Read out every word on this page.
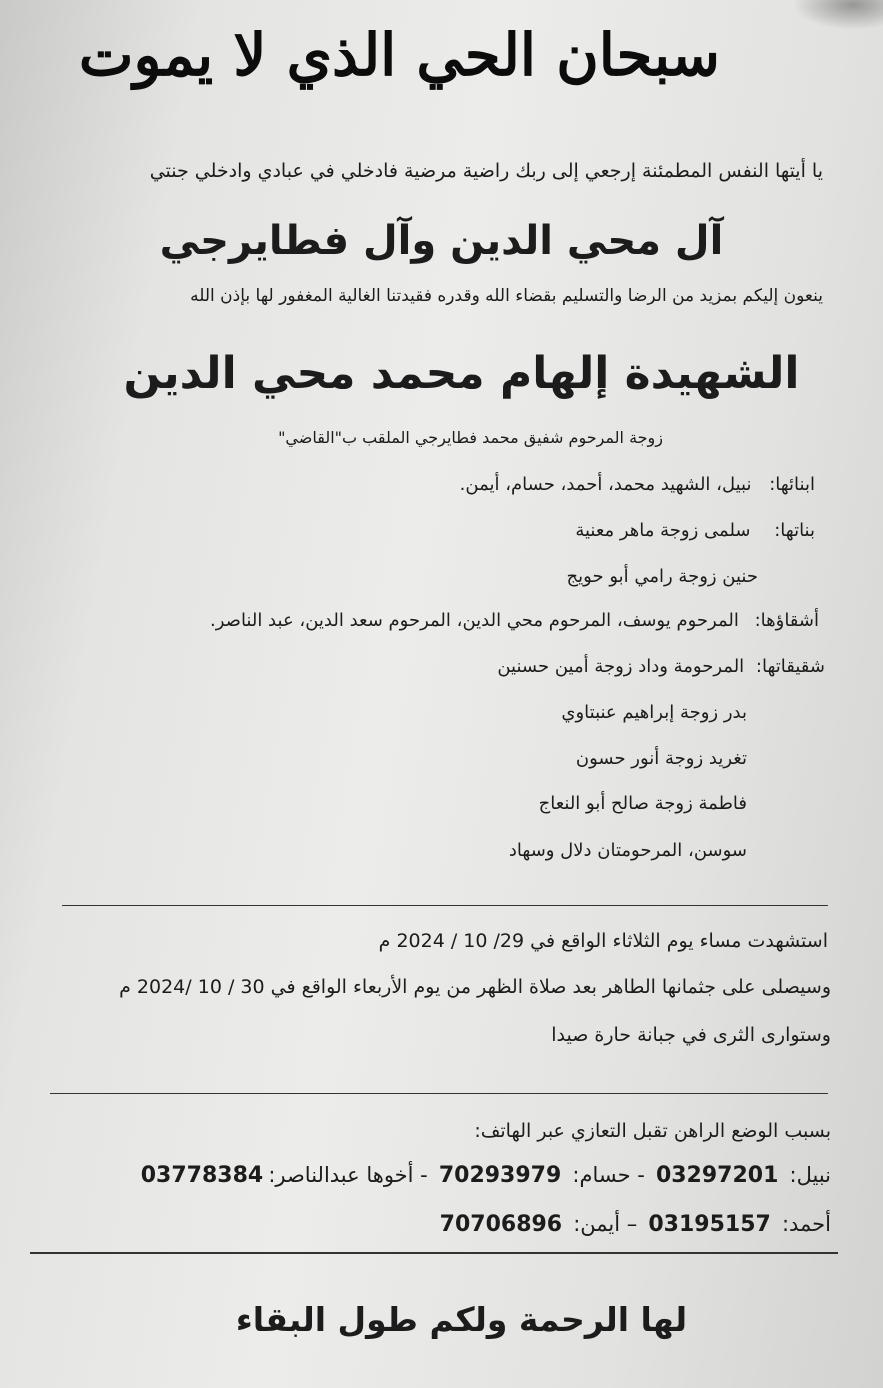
سبحان الحي الذي لا يموت
يا أيتها النفس المطمئنة إرجعي إلى ربك راضية مرضية فادخلي في عبادي وادخلي جنتي
آل محي الدين وآل فطايرجي
ينعون إليكم بمزيد من الرضا والتسليم بقضاء الله وقدره فقيدتنا الغالية المغفور لها بإذن الله
الشهيدة إلهام محمد محي الدين
زوجة المرحوم شفيق محمد فطايرجي الملقب ب"القاضي"
ابنائها: نبيل، الشهيد محمد، أحمد، حسام، أيمن.
بناتها: سلمى زوجة ماهر معنية
حنين زوجة رامي أبو حويج
أشقاؤها: المرحوم يوسف، المرحوم محي الدين، المرحوم سعد الدين، عبد الناصر.
شقيقاتها: المرحومة وداد زوجة أمين حسنين
بدر زوجة إبراهيم عنبتاوي
تغريد زوجة أنور حسون
فاطمة زوجة صالح أبو النعاج
سوسن، المرحومتان دلال وسهاد
استشهدت مساء يوم الثلاثاء الواقع في 29/ 10 / 2024 م
وسيصلى على جثمانها الطاهر بعد صلاة الظهر من يوم الأربعاء الواقع في 30 / 10 /2024 م
وستوارى الثرى في جبانة حارة صيدا
بسبب الوضع الراهن تقبل التعازي عبر الهاتف:
نبيل: 03297201 - حسام: 70293979 - أخوها عبدالناصر: 03778384
أحمد: 03195157 – أيمن: 70706896
لها الرحمة ولكم طول البقاء
